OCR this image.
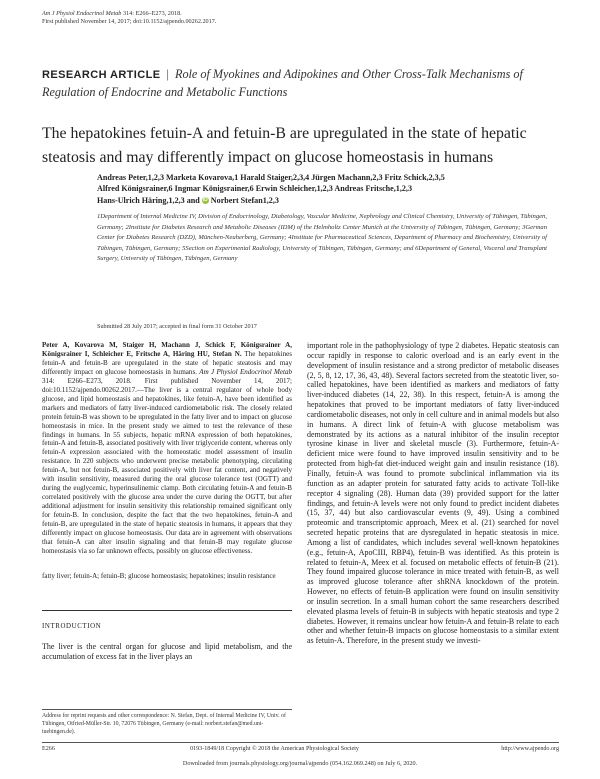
Am J Physiol Endocrinol Metab 314: E266–E273, 2018.
First published November 14, 2017; doi:10.1152/ajpendo.00262.2017.
RESEARCH ARTICLE | Role of Myokines and Adipokines and Other Cross-Talk Mechanisms of Regulation of Endocrine and Metabolic Functions
The hepatokines fetuin-A and fetuin-B are upregulated in the state of hepatic steatosis and may differently impact on glucose homeostasis in humans
Andreas Peter,1,2,3 Marketa Kovarova,1 Harald Staiger,2,3,4 Jürgen Machann,2,3 Fritz Schick,2,3,5
Alfred Königsrainer,6 Ingmar Königsrainer,6 Erwin Schleicher,1,2,3 Andreas Fritsche,1,2,3
Hans-Ulrich Häring,1,2,3 and iD Norbert Stefan1,2,3
1Department of Internal Medicine IV, Division of Endocrinology, Diabetology, Vascular Medicine, Nephrology and Clinical Chemistry, University of Tübingen, Tübingen, Germany; 2Institute for Diabetes Research and Metabolic Diseases (IDM) of the Helmholtz Center Munich at the University of Tübingen, Tübingen, Germany; 3German Center for Diabetes Research (DZD), München-Neuherberg, Germany; 4Institute for Pharmaceutical Sciences, Department of Pharmacy and Biochemistry, University of Tübingen, Tübingen, Germany; 5Section on Experimental Radiology, University of Tübingen, Tübingen, Germany; and 6Department of General, Visceral and Transplant Surgery, University of Tübingen, Tübingen, Germany
Submitted 28 July 2017; accepted in final form 31 October 2017
Peter A, Kovarova M, Staiger H, Machann J, Schick F, Königsrainer A, Königsrainer I, Schleicher E, Fritsche A, Häring HU, Stefan N. The hepatokines fetuin-A and fetuin-B are upregulated in the state of hepatic steatosis and may differently impact on glucose homeostasis in humans. Am J Physiol Endocrinol Metab 314: E266–E273, 2018. First published November 14, 2017; doi:10.1152/ajpendo.00262.2017.—The liver is a central regulator of whole body glucose, and lipid homeostasis and hepatokines, like fetuin-A, have been identified as markers and mediators of fatty liver-induced cardiometabolic risk. The closely related protein fetuin-B was shown to be upregulated in the fatty liver and to impact on glucose homeostasis in mice. In the present study we aimed to test the relevance of these findings in humans. In 55 subjects, hepatic mRNA expression of both hepatokines, fetuin-A and fetuin-B, associated positively with liver triglyceride content, whereas only fetuin-A expression associated with the homeostatic model assessment of insulin resistance. In 220 subjects who underwent precise metabolic phenotyping, circulating fetuin-A, but not fetuin-B, associated positively with liver fat content, and negatively with insulin sensitivity, measured during the oral glucose tolerance test (OGTT) and during the euglycemic, hyperinsulinemic clamp. Both circulating fetuin-A and fetuin-B correlated positively with the glucose area under the curve during the OGTT, but after additional adjustment for insulin sensitivity this relationship remained significant only for fetuin-B. In conclusion, despite the fact that the two hepatokines, fetuin-A and fetuin-B, are upregulated in the state of hepatic steatosis in humans, it appears that they differently impact on glucose homeostasis. Our data are in agreement with observations that fetuin-A can alter insulin signaling and that fetuin-B may regulate glucose homeostasis via so far unknown effects, possibly on glucose effectiveness.
fatty liver; fetuin-A; fetuin-B; glucose homeostasis; hepatokines; insulin resistance
INTRODUCTION
The liver is the central organ for glucose and lipid metabolism, and the accumulation of excess fat in the liver plays an
Address for reprint requests and other correspondence: N. Stefan, Dept. of Internal Medicine IV, Univ. of Tübingen, Otfried-Müller-Str. 10, 72076 Tübingen, Germany (e-mail: norbert.stefan@med.uni-tuebingen.de).
important role in the pathophysiology of type 2 diabetes. Hepatic steatosis can occur rapidly in response to caloric overload and is an early event in the development of insulin resistance and a strong predictor of metabolic diseases (2, 5, 8, 12, 17, 36, 43, 48). Several factors secreted from the steatotic liver, so-called hepatokines, have been identified as markers and mediators of fatty liver-induced diabetes (14, 22, 38). In this respect, fetuin-A is among the hepatokines that proved to be important mediators of fatty liver-induced cardiometabolic diseases, not only in cell culture and in animal models but also in humans. A direct link of fetuin-A with glucose metabolism was demonstrated by its actions as a natural inhibitor of the insulin receptor tyrosine kinase in liver and skeletal muscle (3). Furthermore, fetuin-A-deficient mice were found to have improved insulin sensitivity and to be protected from high-fat diet-induced weight gain and insulin resistance (18). Finally, fetuin-A was found to promote subclinical inflammation via its function as an adapter protein for saturated fatty acids to activate Toll-like receptor 4 signaling (28). Human data (39) provided support for the latter findings, and fetuin-A levels were not only found to predict incident diabetes (15, 37, 44) but also cardiovascular events (9, 49). Using a combined proteomic and transcriptomic approach, Meex et al. (21) searched for novel secreted hepatic proteins that are dysregulated in hepatic steatosis in mice. Among a list of candidates, which includes several well-known hepatokines (e.g., fetuin-A, ApoCIII, RBP4), fetuin-B was identified. As this protein is related to fetuin-A, Meex et al. focused on metabolic effects of fetuin-B (21). They found impaired glucose tolerance in mice treated with fetuin-B, as well as improved glucose tolerance after shRNA knockdown of the protein. However, no effects of fetuin-B application were found on insulin sensitivity or insulin secretion. In a small human cohort the same researchers described elevated plasma levels of fetuin-B in subjects with hepatic steatosis and type 2 diabetes. However, it remains unclear how fetuin-A and fetuin-B relate to each other and whether fetuin-B impacts on glucose homeostasis to a similar extent as fetuin-A. Therefore, in the present study we investi-
E266	0193-1849/18 Copyright © 2018 the American Physiological Society	http://www.ajpendo.org
Downloaded from journals.physiology.org/journal/ajpendo (054.162.069.248) on July 6, 2020.
